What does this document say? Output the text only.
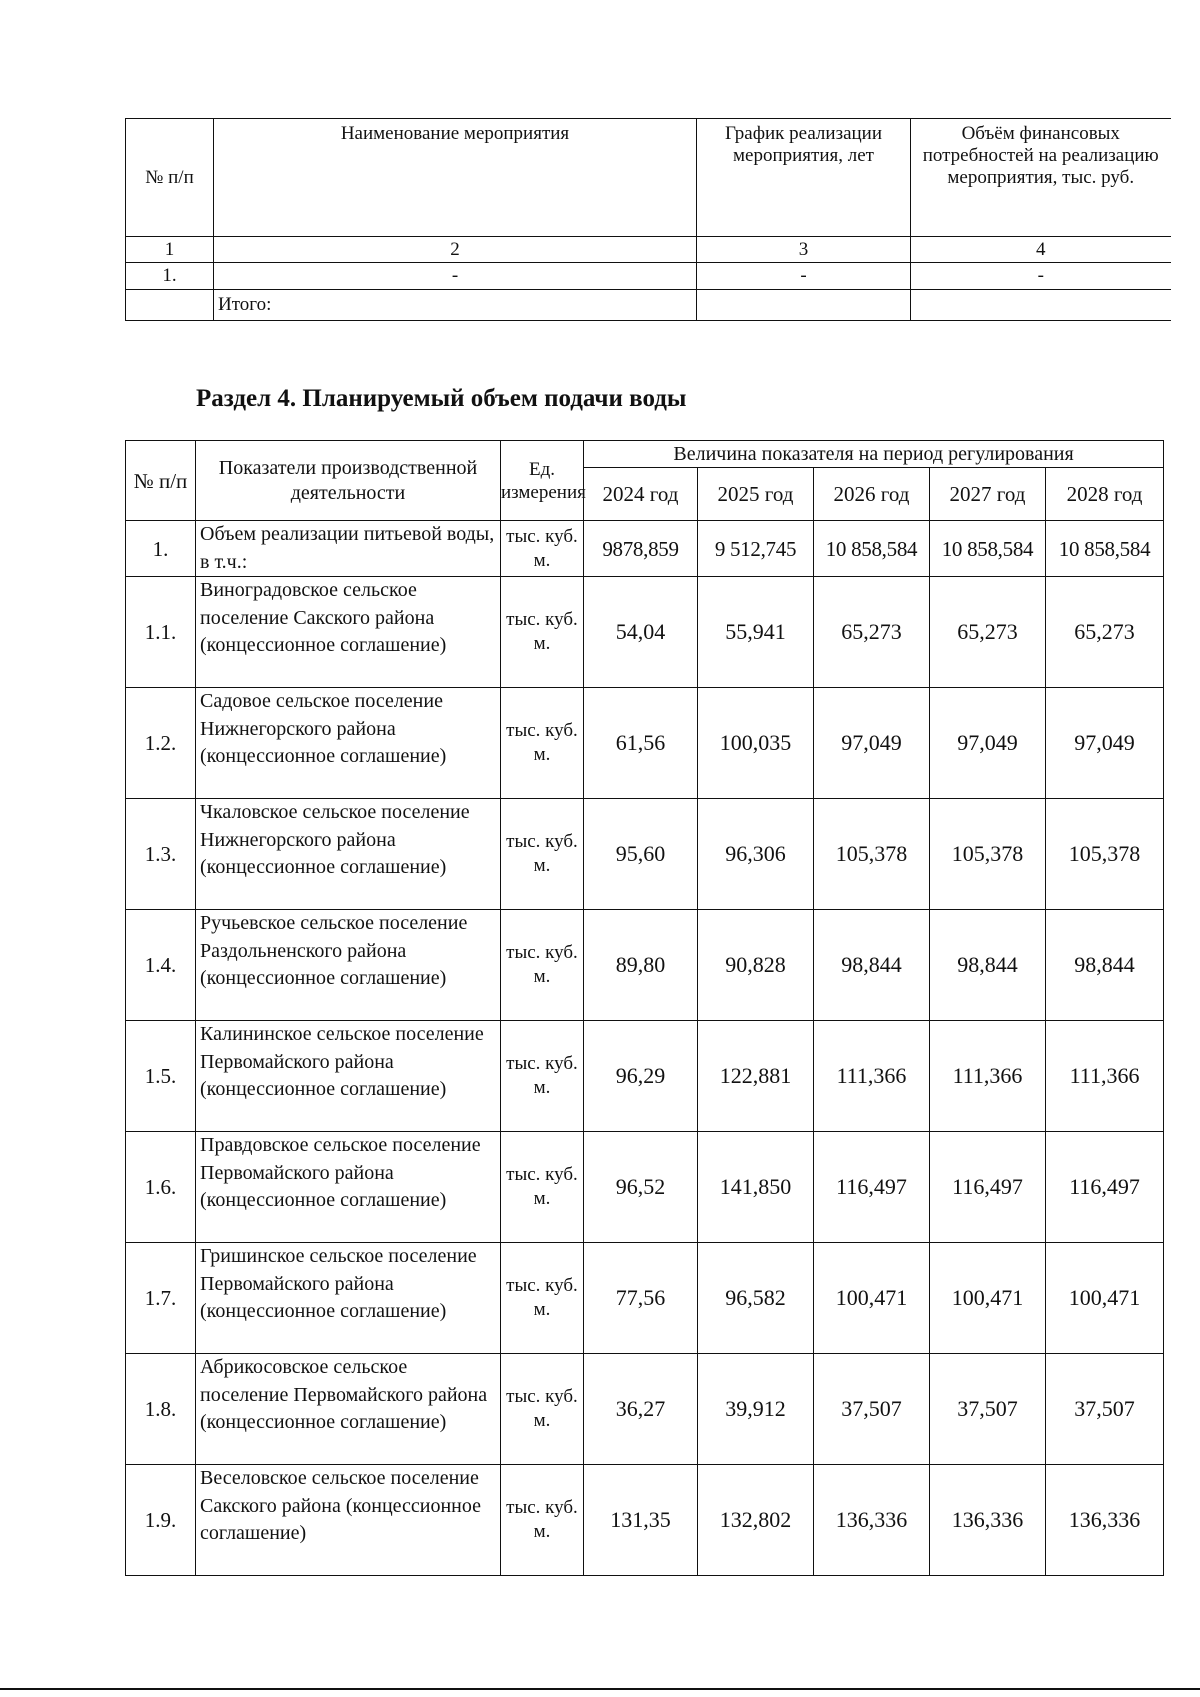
№ п/п	Наименование мероприятия	График реализации мероприятия, лет	Объём финансовых потребностей на реализацию мероприятия, тыс. руб.
1	2	3	4
1.	-	-	-
	Итого:		
Раздел 4. Планируемый объем подачи воды
№ п/п	Показатели производственной деятельности	Ед. измерения	Величина показателя на период регулирования				
			2024 год	2025 год	2026 год	2027 год	2028 год
1.	Объем реализации питьевой воды, в т.ч.:	тыс. куб. м.	9878,859	9 512,745	10 858,584	10 858,584	10 858,584
1.1.	Виноградовское сельское поселение Сакского района (концессионное соглашение)	тыс. куб. м.	54,04	55,941	65,273	65,273	65,273
1.2.	Садовое сельское поселение Нижнегорского района (концессионное соглашение)	тыс. куб. м.	61,56	100,035	97,049	97,049	97,049
1.3.	Чкаловское сельское поселение Нижнегорского района (концессионное соглашение)	тыс. куб. м.	95,60	96,306	105,378	105,378	105,378
1.4.	Ручьевское сельское поселение Раздольненского района (концессионное соглашение)	тыс. куб. м.	89,80	90,828	98,844	98,844	98,844
1.5.	Калининское сельское поселение Первомайского района (концессионное соглашение)	тыс. куб. м.	96,29	122,881	111,366	111,366	111,366
1.6.	Правдовское сельское поселение Первомайского района (концессионное соглашение)	тыс. куб. м.	96,52	141,850	116,497	116,497	116,497
1.7.	Гришинское сельское поселение Первомайского района (концессионное соглашение)	тыс. куб. м.	77,56	96,582	100,471	100,471	100,471
1.8.	Абрикосовское сельское поселение Первомайского района (концессионное соглашение)	тыс. куб. м.	36,27	39,912	37,507	37,507	37,507
1.9.	Веселовское сельское поселение Сакского района (концессионное соглашение)	тыс. куб. м.	131,35	132,802	136,336	136,336	136,336
